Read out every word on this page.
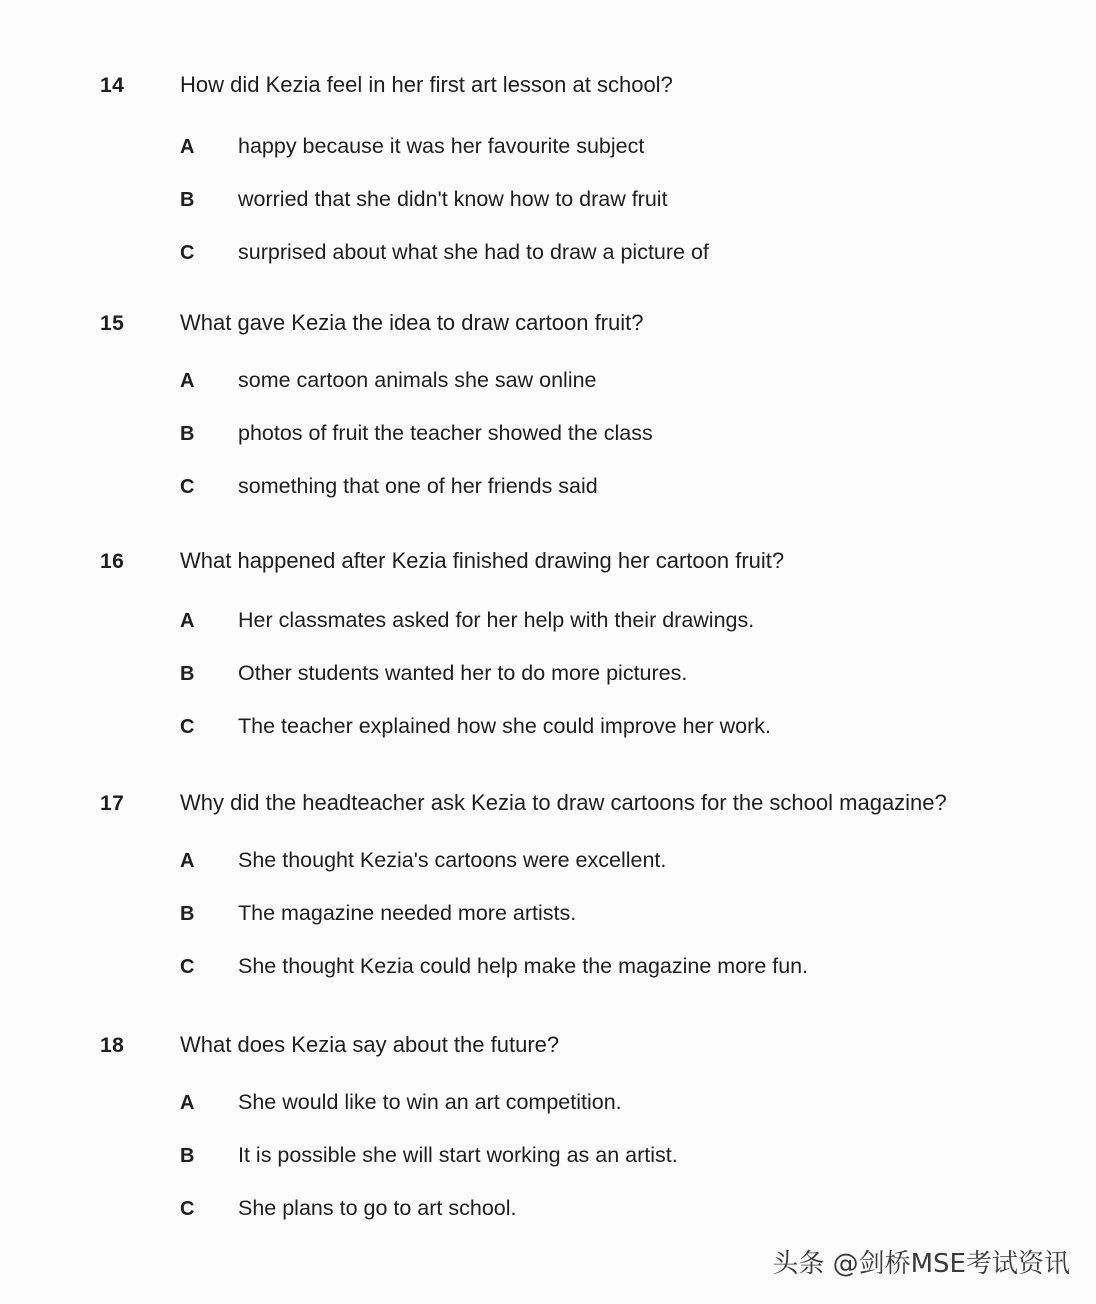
14	How did Kezia feel in her first art lesson at school?
A happy because it was her favourite subject
B worried that she didn't know how to draw fruit
C surprised about what she had to draw a picture of
15	What gave Kezia the idea to draw cartoon fruit?
A some cartoon animals she saw online
B photos of fruit the teacher showed the class
C something that one of her friends said
16	What happened after Kezia finished drawing her cartoon fruit?
A Her classmates asked for her help with their drawings.
B Other students wanted her to do more pictures.
C The teacher explained how she could improve her work.
17	Why did the headteacher ask Kezia to draw cartoons for the school magazine?
A She thought Kezia's cartoons were excellent.
B The magazine needed more artists.
C She thought Kezia could help make the magazine more fun.
18	What does Kezia say about the future?
A She would like to win an art competition.
B It is possible she will start working as an artist.
C She plans to go to art school.
头条 @剑桥MSE考试资讯
